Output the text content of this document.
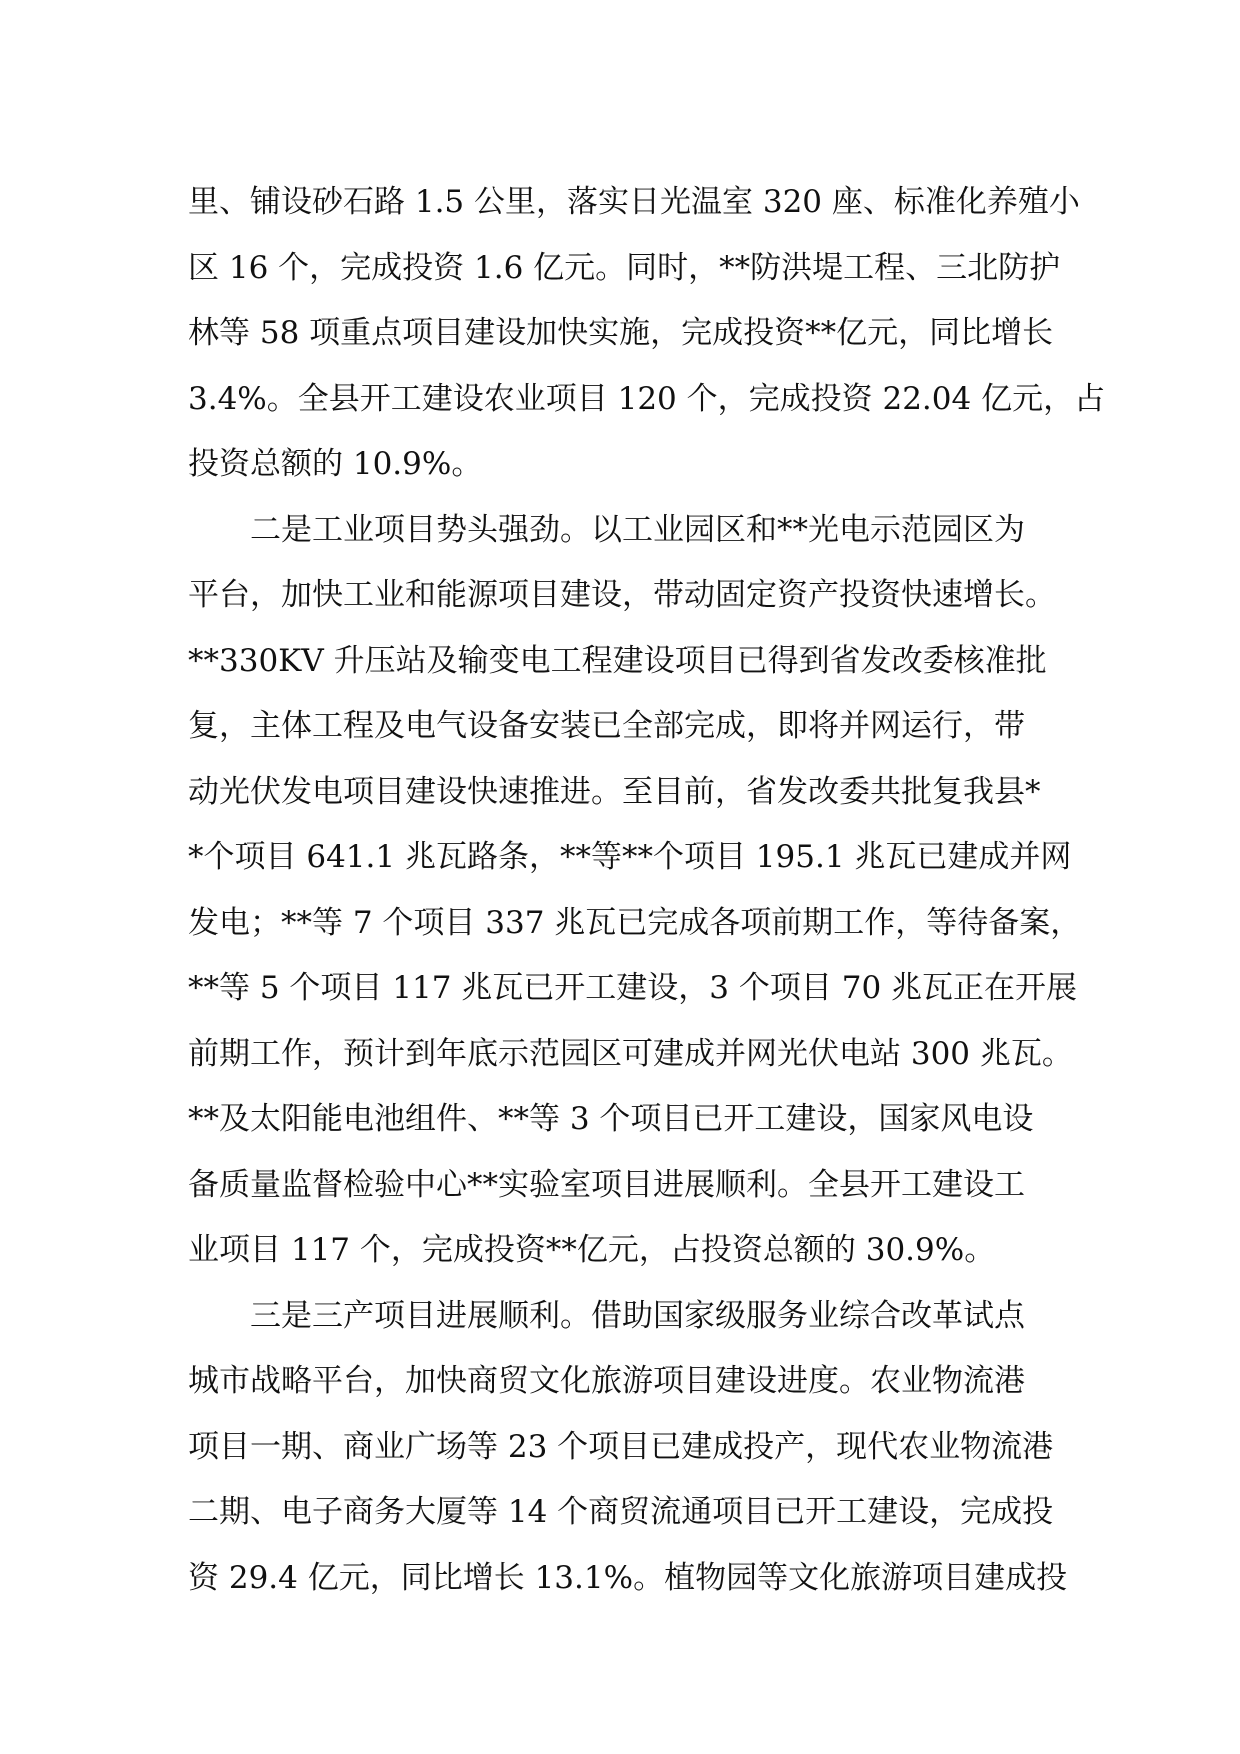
里、铺设砂石路 1.5 公里，落实日光温室 320 座、标准化养殖小
区 16 个，完成投资 1.6 亿元。同时，**防洪堤工程、三北防护
林等 58 项重点项目建设加快实施，完成投资**亿元，同比增长
3.4%。全县开工建设农业项目 120 个，完成投资 22.04 亿元，占
投资总额的 10.9%。
二是工业项目势头强劲。以工业园区和**光电示范园区为
平台，加快工业和能源项目建设，带动固定资产投资快速增长。
**330KV 升压站及输变电工程建设项目已得到省发改委核准批
复，主体工程及电气设备安装已全部完成，即将并网运行，带
动光伏发电项目建设快速推进。至目前，省发改委共批复我县*
*个项目 641.1 兆瓦路条，**等**个项目 195.1 兆瓦已建成并网
发电；**等 7 个项目 337 兆瓦已完成各项前期工作，等待备案，
**等 5 个项目 117 兆瓦已开工建设，3 个项目 70 兆瓦正在开展
前期工作，预计到年底示范园区可建成并网光伏电站 300 兆瓦。
**及太阳能电池组件、**等 3 个项目已开工建设，国家风电设
备质量监督检验中心**实验室项目进展顺利。全县开工建设工
业项目 117 个，完成投资**亿元，占投资总额的 30.9%。
三是三产项目进展顺利。借助国家级服务业综合改革试点
城市战略平台，加快商贸文化旅游项目建设进度。农业物流港
项目一期、商业广场等 23 个项目已建成投产，现代农业物流港
二期、电子商务大厦等 14 个商贸流通项目已开工建设，完成投
资 29.4 亿元，同比增长 13.1%。植物园等文化旅游项目建成投
